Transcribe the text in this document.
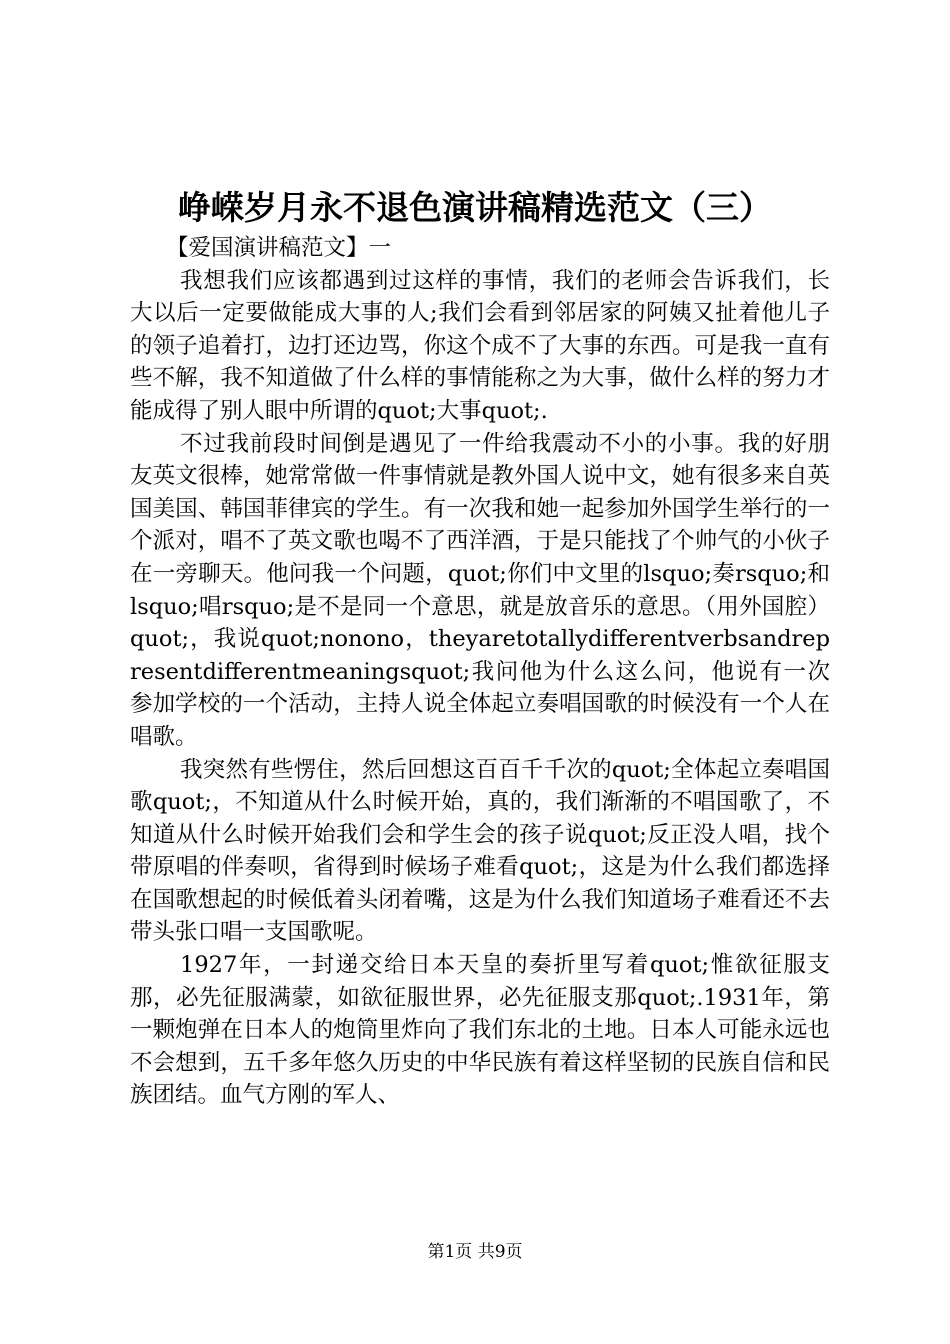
峥嵘岁月永不退色演讲稿精选范文（三）

【爱国演讲稿范文】一

我想我们应该都遇到过这样的事情，我们的老师会告诉我们，长大以后一定要做能成大事的人;我们会看到邻居家的阿姨又扯着他儿子的领子追着打，边打还边骂，你这个成不了大事的东西。可是我一直有些不解，我不知道做了什么样的事情能称之为大事，做什么样的努力才能成得了别人眼中所谓的quot;大事quot;.

不过我前段时间倒是遇见了一件给我震动不小的小事。我的好朋友英文很棒，她常常做一件事情就是教外国人说中文，她有很多来自英国美国、韩国菲律宾的学生。有一次我和她一起参加外国学生举行的一个派对，唱不了英文歌也喝不了西洋酒，于是只能找了个帅气的小伙子在一旁聊天。他问我一个问题，quot;你们中文里的lsquo;奏rsquo;和lsquo;唱rsquo;是不是同一个意思，就是放音乐的意思。（用外国腔）quot;，我说quot;nonono，theyaretotallydifferentverbsandrepresentdifferentmeaningsquot;我问他为什么这么问，他说有一次参加学校的一个活动，主持人说全体起立奏唱国歌的时候没有一个人在唱歌。

我突然有些愣住，然后回想这百百千千次的quot;全体起立奏唱国歌quot;，不知道从什么时候开始，真的，我们渐渐的不唱国歌了，不知道从什么时候开始我们会和学生会的孩子说quot;反正没人唱，找个带原唱的伴奏呗，省得到时候场子难看quot;，这是为什么我们都选择在国歌想起的时候低着头闭着嘴，这是为什么我们知道场子难看还不去带头张口唱一支国歌呢。

1927年，一封递交给日本天皇的奏折里写着quot;惟欲征服支那，必先征服满蒙，如欲征服世界，必先征服支那quot;.1931年，第一颗炮弹在日本人的炮筒里炸向了我们东北的土地。日本人可能永远也不会想到，五千多年悠久历史的中华民族有着这样坚韧的民族自信和民族团结。血气方刚的军人、

第1页 共9页
